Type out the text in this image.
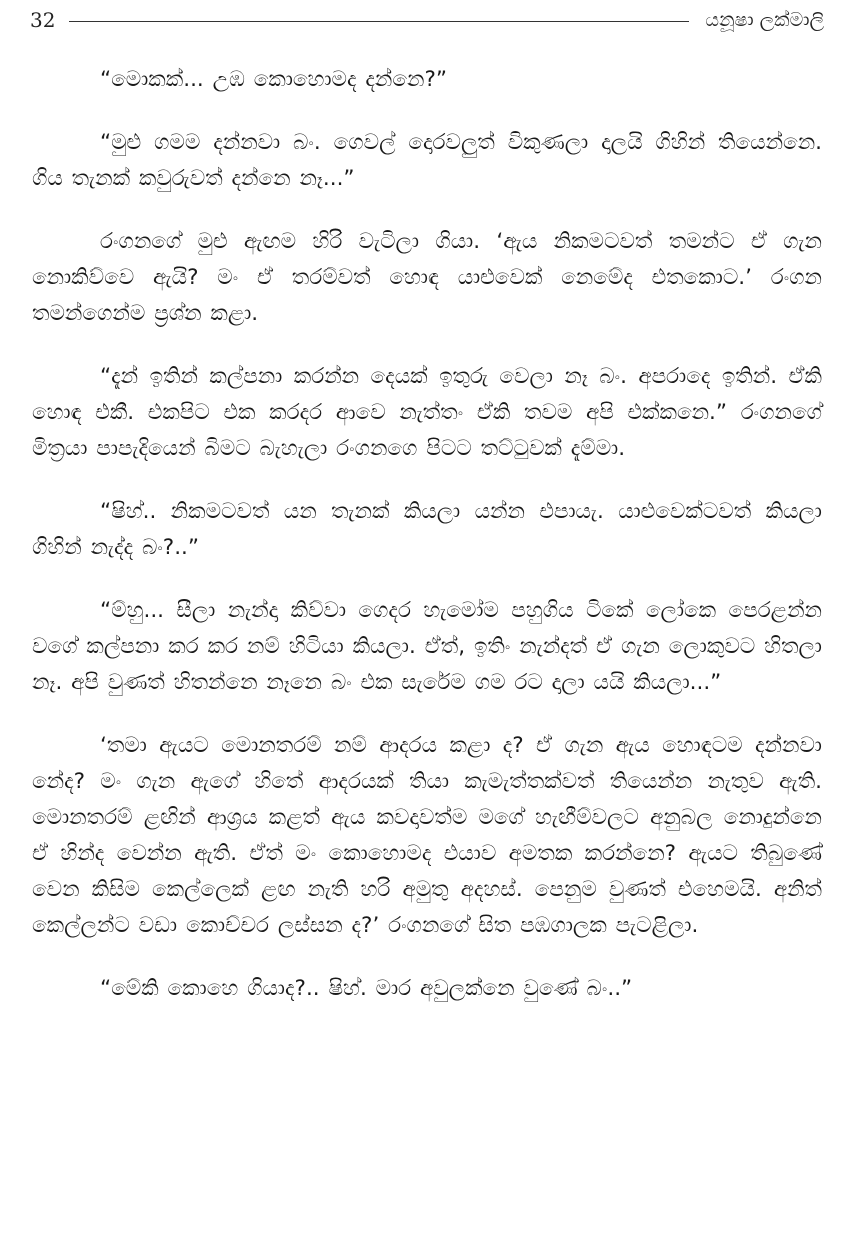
32	යනූෂා ලක්මාලි

“මොකක්... උඹ කොහොමද දන්නෙ?”

“මුළු ගමම දන්නවා බං. ගෙවල් දොරවලුත් විකුණලා දාලයි ගිහින් තියෙන්නෙ. ගිය තැනක් කවුරුවත් දන්නෙ නෑ...”

රංගනගේ මුළු ඇඟම හිරි වැටිලා ගියා. ‘ඇය නිකමටවත් තමන්ට ඒ ගැන නොකිව්වෙ ඇයි? මං ඒ තරම්වත් හොඳ යාළුවෙක් නෙමේද එතකොට.’ රංගන තමන්ගෙන්ම ප්‍රශ්න කළා.

“දැන් ඉතින් කල්පනා කරන්න දෙයක් ඉතුරු වෙලා නෑ බං. අපරාදෙ ඉතින්. ඒකි හොඳ එකී. එකපිට එක කරදර ආවෙ නැත්තං ඒකි තවම අපි එක්කනෙ.” රංගනගේ මිත්‍රයා පාපැදියෙන් බිමට බැහැලා රංගනගෙ පිටට තට්ටුවක් දැම්මා.

“ෂිහ්.. නිකමටවත් යන තැනක් කියලා යන්න එපායැ. යාළුවෙක්ටවත් කියලා ගිහින් නැද්ද බං?..”

“ම්හු... සීලා නැන්දා කිව්වා ගෙදර හැමෝම පහුගිය ටිකේ ලෝකෙ පෙරළන්න වගේ කල්පනා කර කර නම් හිටියා කියලා. ඒත්, ඉතිං නැන්දත් ඒ ගැන ලොකුවට හිතලා නෑ. අපි වුණත් හිතන්නෙ නෑනෙ බං එක සැරේම ගම රට දාලා යයි කියලා...”

‘තමා ඇයට මොනතරම් නම් ආදරය කළා ද? ඒ ගැන ඇය හොඳටම දන්නවා නේද? මං ගැන ඇගේ හිතේ ආදරයක් තියා කැමැත්තක්වත් තියෙන්න නැතුව ඇති. මොනතරම් ළඟින් ආශ්‍රය කළත් ඇය කවදාවත්ම මගේ හැඟීම්වලට අනුබල නොදුන්නෙ ඒ හින්ද වෙන්න ඇති. ඒත් මං කොහොමද එයාව අමතක කරන්නෙ? ඇයට තිබුණේ වෙන කිසිම කෙල්ලෙක් ළඟ නැති හරි අමුතු අදහස්. පෙනුම වුණත් එහෙමයි. අනිත් කෙල්ලන්ට වඩා කොච්චර ලස්සන ද?’ රංගනගේ සිත පඹගාලක පැටළිලා.

“මේකි කොහෙ ගියාද?.. ෂිහ්. මාර අවුලක්නෙ වුණේ බං..”
